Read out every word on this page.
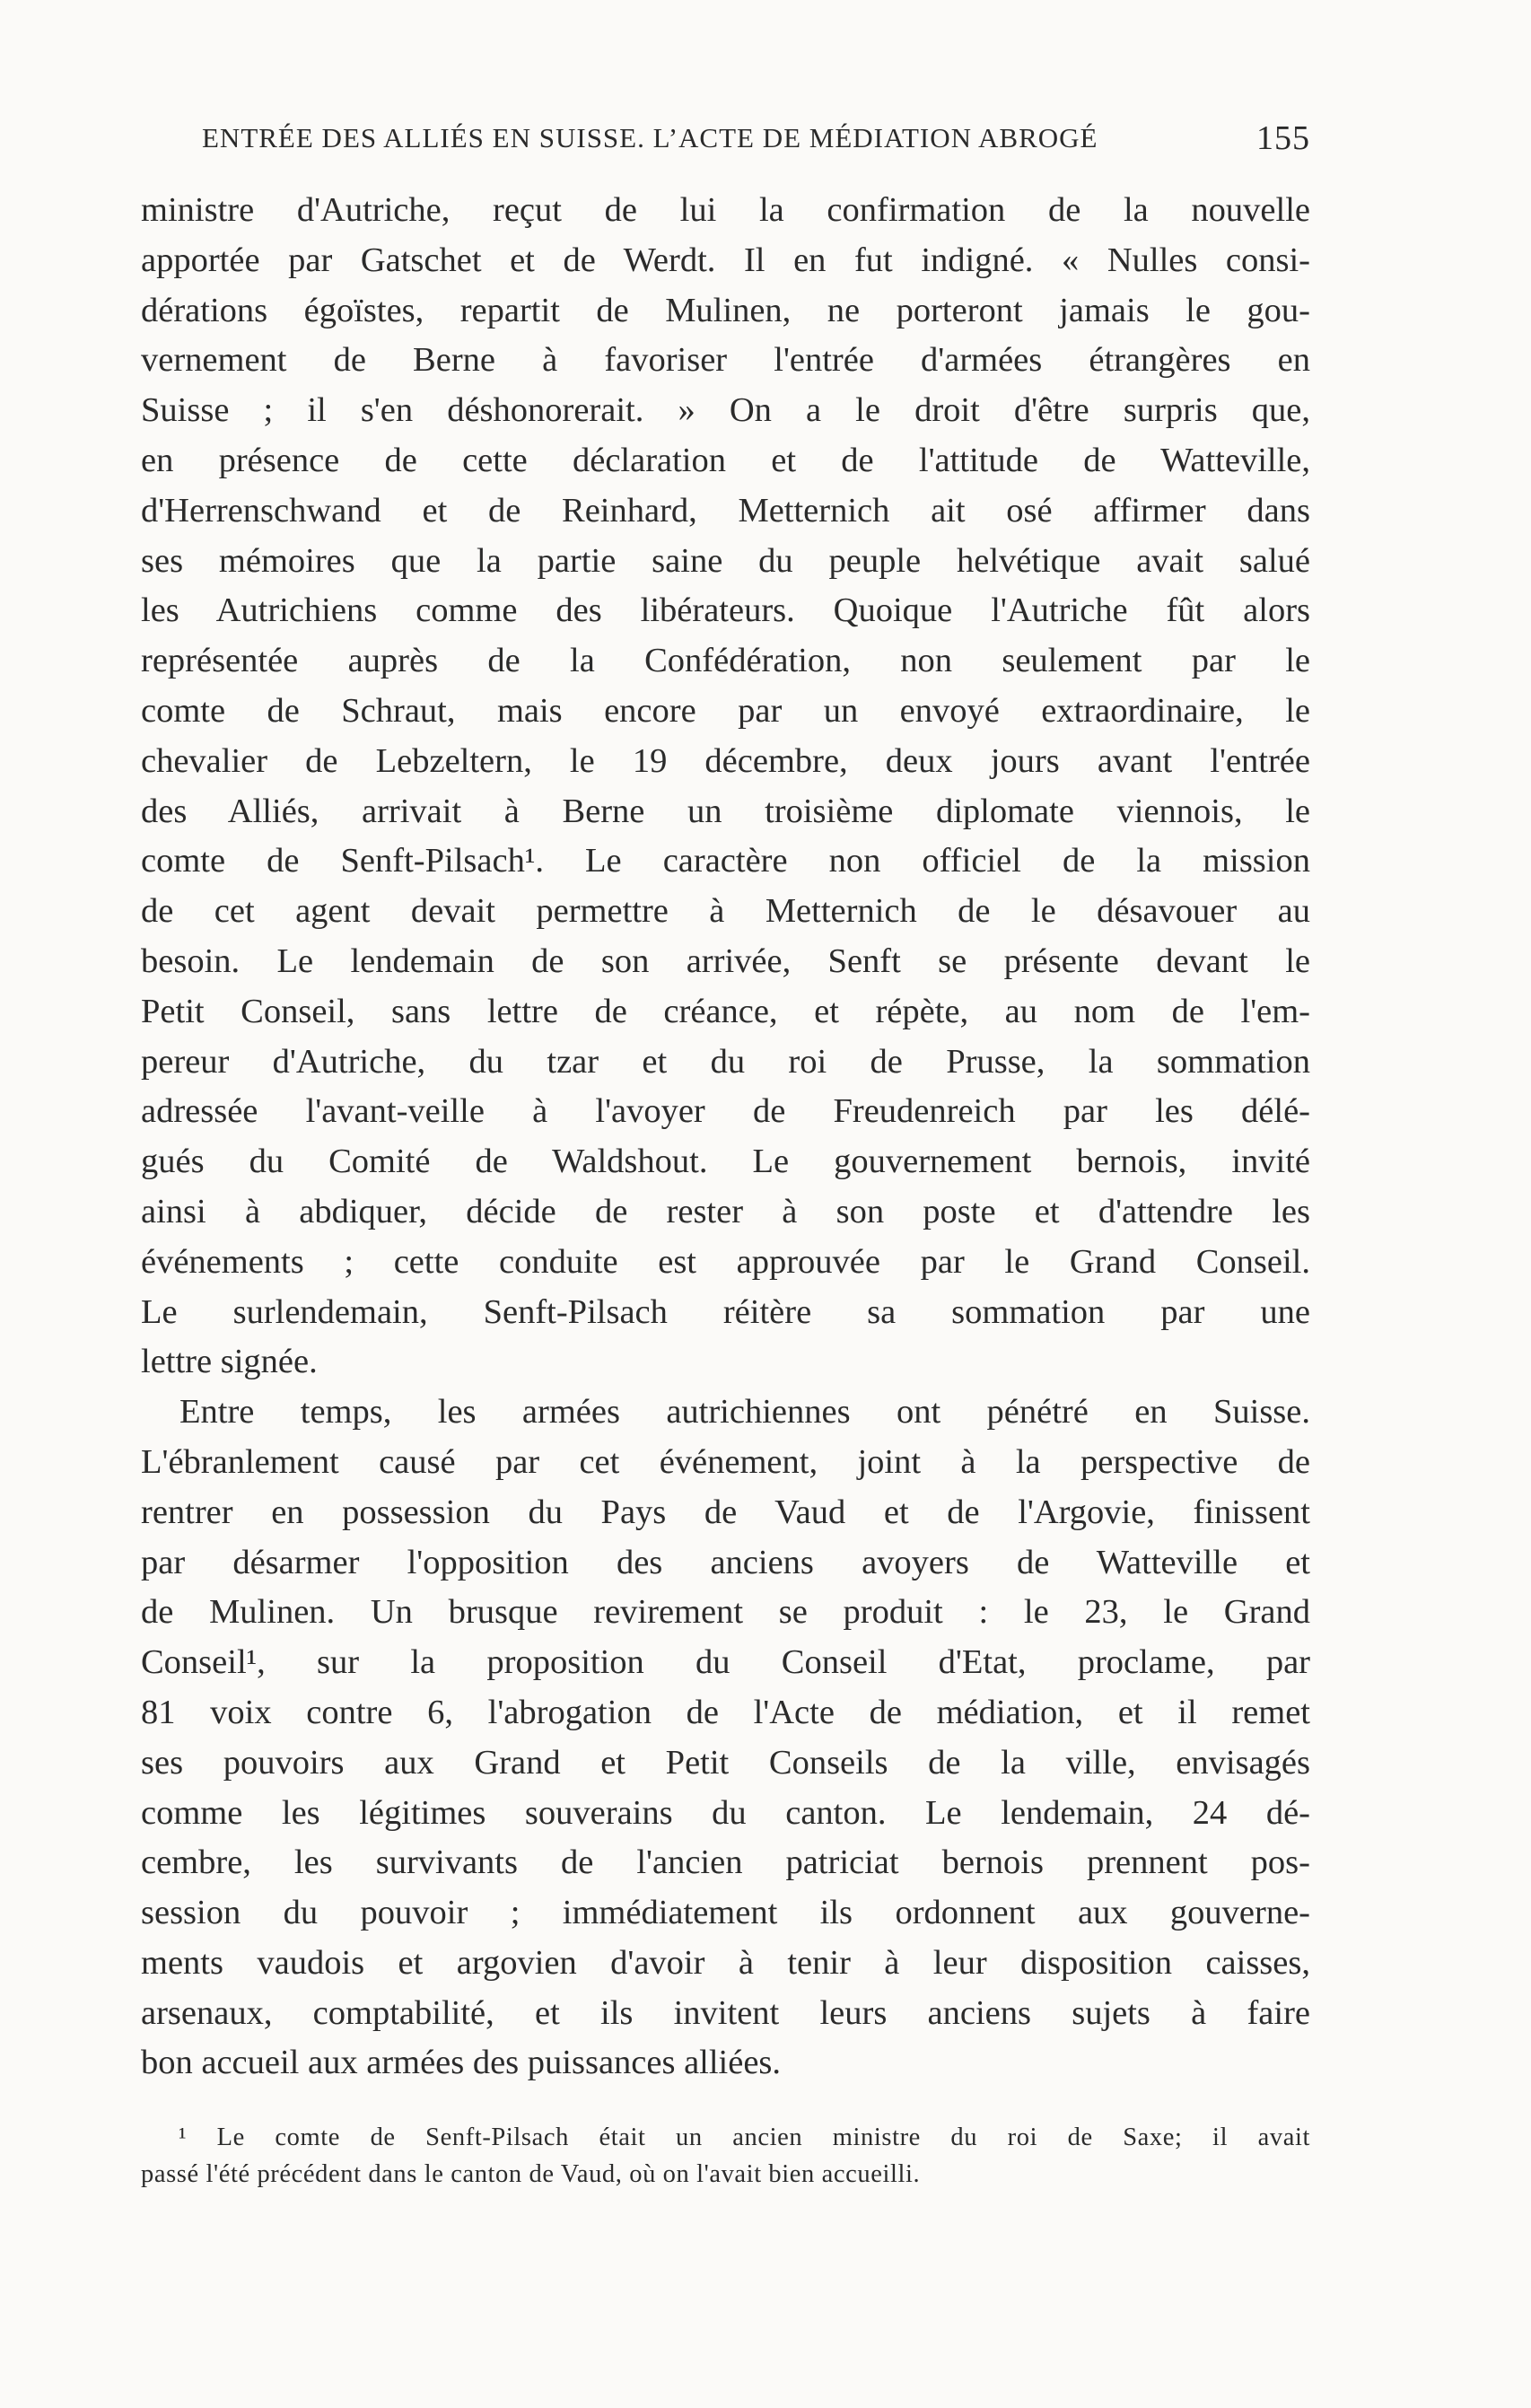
ENTRÉE DES ALLIÉS EN SUISSE. L’ACTE DE MÉDIATION ABROGÉ	155
ministre d'Autriche, reçut de lui la confirmation de la nouvelle
apportée par Gatschet et de Werdt. Il en fut indigné. « Nulles consi-
dérations égoïstes, repartit de Mulinen, ne porteront jamais le gou-
vernement de Berne à favoriser l'entrée d'armées étrangères en
Suisse ; il s'en déshonorerait. » On a le droit d'être surpris que,
en présence de cette déclaration et de l'attitude de Watteville,
d'Herrenschwand et de Reinhard, Metternich ait osé affirmer dans
ses mémoires que la partie saine du peuple helvétique avait salué
les Autrichiens comme des libérateurs. Quoique l'Autriche fût alors
représentée auprès de la Confédération, non seulement par le
comte de Schraut, mais encore par un envoyé extraordinaire, le
chevalier de Lebzeltern, le 19 décembre, deux jours avant l'entrée
des Alliés, arrivait à Berne un troisième diplomate viennois, le
comte de Senft-Pilsach¹. Le caractère non officiel de la mission
de cet agent devait permettre à Metternich de le désavouer au
besoin. Le lendemain de son arrivée, Senft se présente devant le
Petit Conseil, sans lettre de créance, et répète, au nom de l'em-
pereur d'Autriche, du tzar et du roi de Prusse, la sommation
adressée l'avant-veille à l'avoyer de Freudenreich par les délé-
gués du Comité de Waldshout. Le gouvernement bernois, invité
ainsi à abdiquer, décide de rester à son poste et d'attendre les
événements ; cette conduite est approuvée par le Grand Conseil.
Le surlendemain, Senft-Pilsach réitère sa sommation par une
lettre signée.
Entre temps, les armées autrichiennes ont pénétré en Suisse.
L'ébranlement causé par cet événement, joint à la perspective de
rentrer en possession du Pays de Vaud et de l'Argovie, finissent
par désarmer l'opposition des anciens avoyers de Watteville et
de Mulinen. Un brusque revirement se produit : le 23, le Grand
Conseil¹, sur la proposition du Conseil d'Etat, proclame, par
81 voix contre 6, l'abrogation de l'Acte de médiation, et il remet
ses pouvoirs aux Grand et Petit Conseils de la ville, envisagés
comme les légitimes souverains du canton. Le lendemain, 24 dé-
cembre, les survivants de l'ancien patriciat bernois prennent pos-
session du pouvoir ; immédiatement ils ordonnent aux gouverne-
ments vaudois et argovien d'avoir à tenir à leur disposition caisses,
arsenaux, comptabilité, et ils invitent leurs anciens sujets à faire
bon accueil aux armées des puissances alliées.
¹ Le comte de Senft-Pilsach était un ancien ministre du roi de Saxe; il avait
passé l'été précédent dans le canton de Vaud, où on l'avait bien accueilli.
